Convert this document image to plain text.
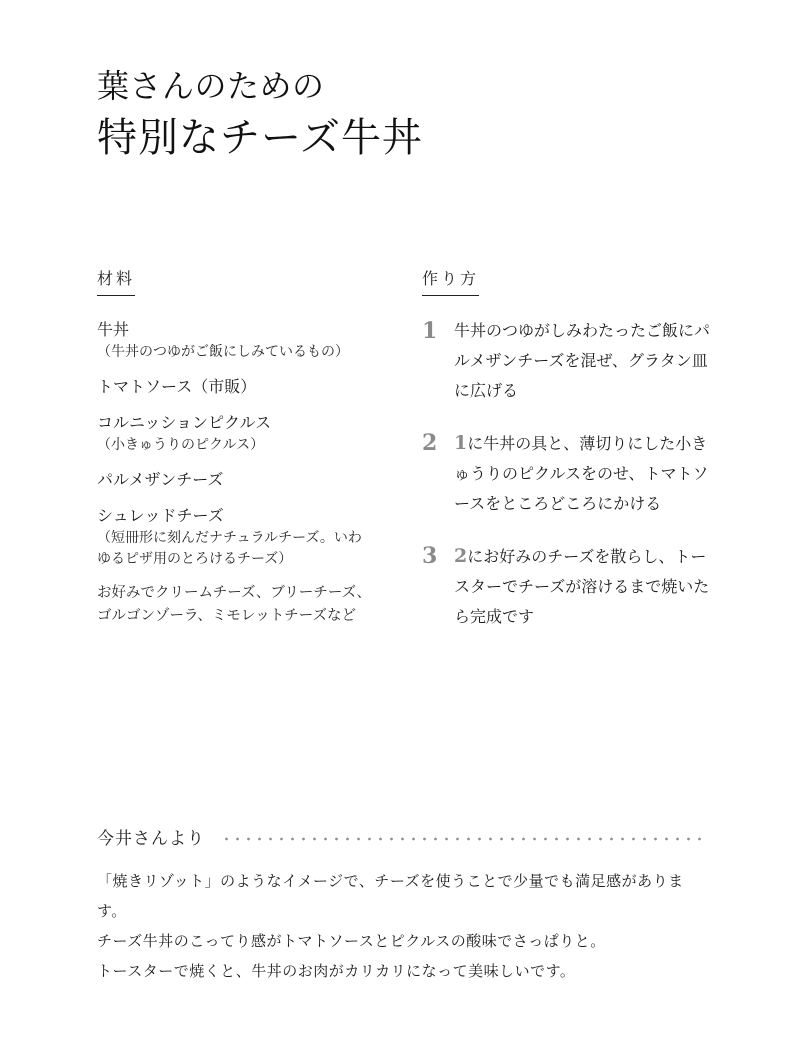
葉さんのための
特別なチーズ牛丼
材料	作り方
牛丼
（牛丼のつゆがご飯にしみているもの）
トマトソース（市販）
コルニッションピクルス
（小きゅうりのピクルス）
パルメザンチーズ
シュレッドチーズ
（短冊形に刻んだナチュラルチーズ。いわ
ゆるピザ用のとろけるチーズ）
お好みでクリームチーズ、ブリーチーズ、
ゴルゴンゾーラ、ミモレットチーズなど
1	牛丼のつゆがしみわたったご飯にパルメザンチーズを混ぜ、グラタン皿に広げる
2 1に牛丼の具と、薄切りにした小きゅうりのピクルスをのせ、トマトソースをところどころにかける
3 2にお好みのチーズを散らし、トースターでチーズが溶けるまで焼いたら完成です
今井さんより

「焼きリゾット」のようなイメージで、チーズを使うことで少量でも満足感があります。

チーズ牛丼のこってり感がトマトソースとピクルスの酸味でさっぱりと。

トースターで焼くと、牛丼のお肉がカリカリになって美味しいです。
